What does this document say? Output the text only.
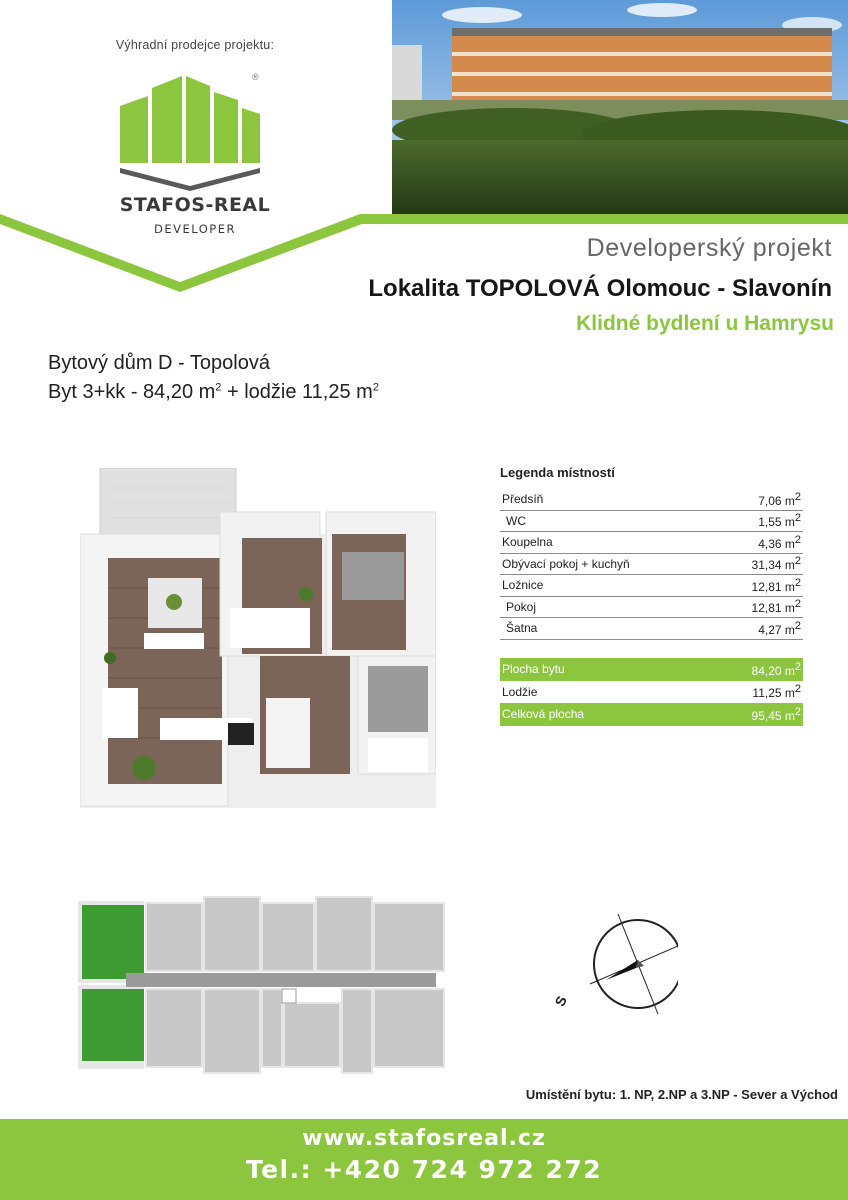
Výhradní prodejce projektu:
®
STAFOS-REAL
DEVELOPER
Developerský projekt
Lokalita TOPOLOVÁ Olomouc - Slavonín
Klidné bydlení u Hamrysu
Bytový dům D - Topolová
Byt 3+kk - 84,20 $m^2$ + lodžie 11,25 $m^2$
Legenda místností
Předsíň	7,06 $m^2$
WC	1,55 $m^2$
Koupelna	4,36 $m^2$
Obývací pokoj + kuchyň	31,34 $m^2$
Ložnice	12,81 $m^2$
Pokoj	12,81 $m^2$
Šatna	4,27 $m^2$
Plocha bytu	84,20 $m^2$
Lodžie	11,25 $m^2$
Celková plocha	95,45 $m^2$
S
Umístění bytu: 1. NP, 2.NP a 3.NP - Sever a Východ
www.stafosreal.cz
Tel.: +420 724 972 272
